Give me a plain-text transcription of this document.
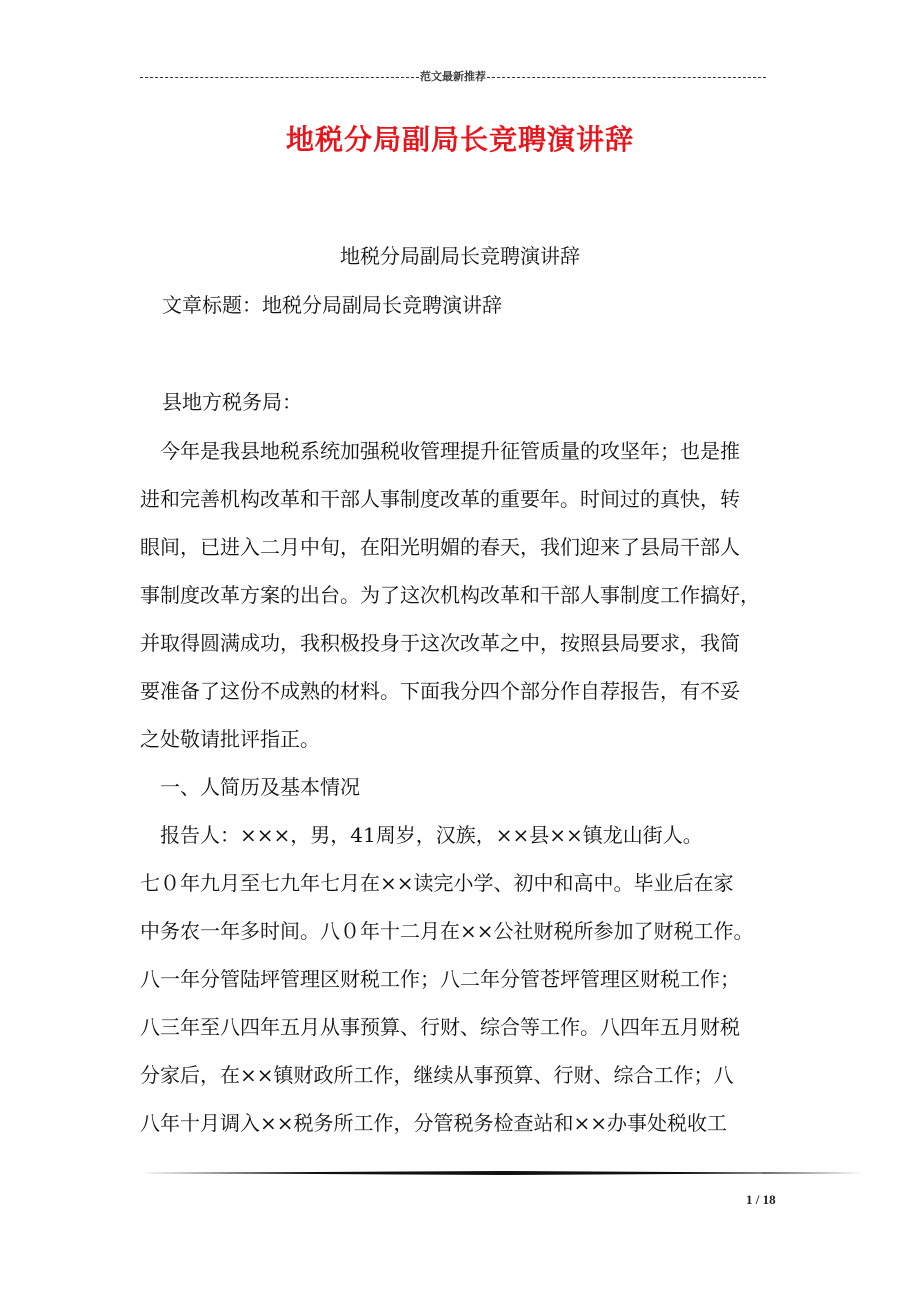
范文最新推荐
地税分局副局长竞聘演讲辞
地税分局副局长竞聘演讲辞
文章标题：地税分局副局长竞聘演讲辞
县地方税务局：
　今年是我县地税系统加强税收管理提升征管质量的攻坚年；也是推
进和完善机构改革和干部人事制度改革的重要年。时间过的真快，转
眼间，已进入二月中旬，在阳光明媚的春天，我们迎来了县局干部人
事制度改革方案的出台。为了这次机构改革和干部人事制度工作搞好，
并取得圆满成功，我积极投身于这次改革之中，按照县局要求，我简
要准备了这份不成熟的材料。下面我分四个部分作自荐报告，有不妥
之处敬请批评指正。
　一、人简历及基本情况
　报告人：×××，男，41周岁，汉族，××县××镇龙山街人。
七０年九月至七九年七月在××读完小学、初中和高中。毕业后在家
中务农一年多时间。八０年十二月在××公社财税所参加了财税工作。
八一年分管陆坪管理区财税工作；八二年分管苍坪管理区财税工作；
八三年至八四年五月从事预算、行财、综合等工作。八四年五月财税
分家后，在××镇财政所工作，继续从事预算、行财、综合工作；八
八年十月调入××税务所工作，分管税务检查站和××办事处税收工
1 / 18
